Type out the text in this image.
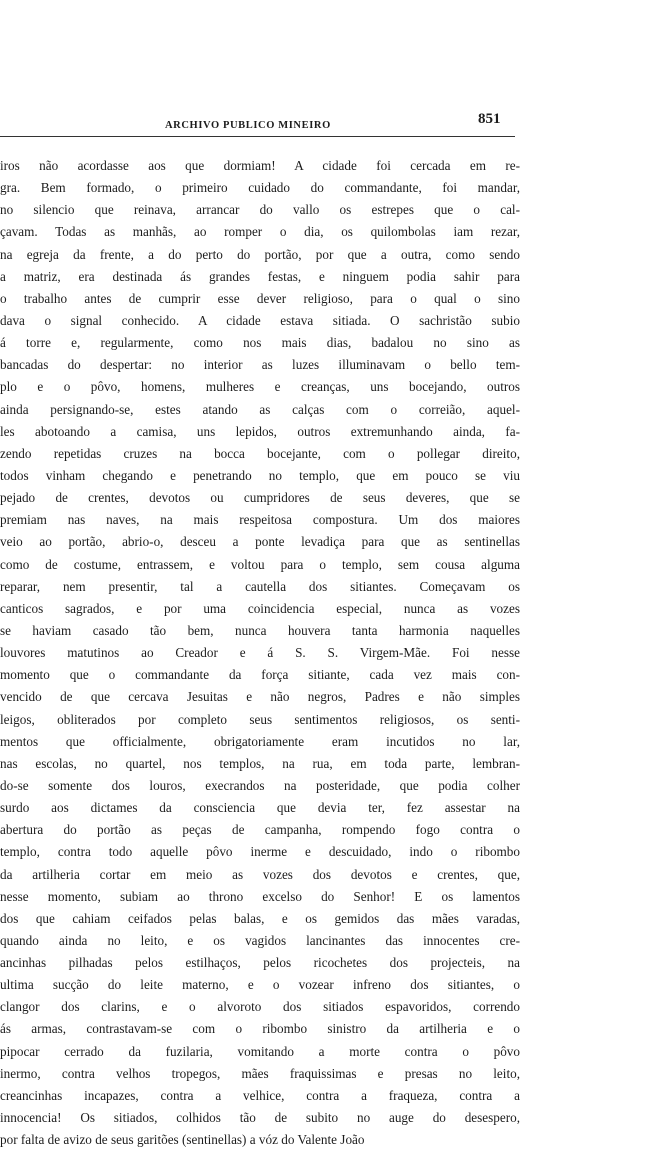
ARCHIVO PUBLICO MINEIRO	851
iros não acordasse aos que dormiam! A cidade foi cercada em re-
gra. Bem formado, o primeiro cuidado do commandante, foi mandar,
no silencio que reinava, arrancar do vallo os estrepes que o cal-
çavam. Todas as manhãs, ao romper o dia, os quilombolas iam rezar,
na egreja da frente, a do perto do portão, por que a outra, como sendo
a matriz, era destinada ás grandes festas, e ninguem podia sahir para
o trabalho antes de cumprir esse dever religioso, para o qual o sino
dava o signal conhecido. A cidade estava sitiada. O sachristão subio
á torre e, regularmente, como nos mais dias, badalou no sino as
bancadas do despertar: no interior as luzes illuminavam o bello tem-
plo e o pôvo, homens, mulheres e creanças, uns bocejando, outros
ainda persignando-se, estes atando as calças com o correião, aquel-
les abotoando a camisa, uns lepidos, outros extremunhando ainda, fa-
zendo repetidas cruzes na bocca bocejante, com o pollegar direito,
todos vinham chegando e penetrando no templo, que em pouco se viu
pejado de crentes, devotos ou cumpridores de seus deveres, que se
premiam nas naves, na mais respeitosa compostura. Um dos maiores
veio ao portão, abrio-o, desceu a ponte levadiça para que as sentinellas
como de costume, entrassem, e voltou para o templo, sem cousa alguma
reparar, nem presentir, tal a cautella dos sitiantes. Começavam os
canticos sagrados, e por uma coincidencia especial, nunca as vozes
se haviam casado tão bem, nunca houvera tanta harmonia naquelles
louvores matutinos ao Creador e á S. S. Virgem-Mãe. Foi nesse
momento que o commandante da força sitiante, cada vez mais con-
vencido de que cercava Jesuitas e não negros, Padres e não simples
leigos, obliterados por completo seus sentimentos religiosos, os senti-
mentos que officialmente, obrigatoriamente eram incutidos no lar,
nas escolas, no quartel, nos templos, na rua, em toda parte, lembran-
do-se somente dos louros, execrandos na posteridade, que podia colher
surdo aos dictames da consciencia que devia ter, fez assestar na
abertura do portão as peças de campanha, rompendo fogo contra o
templo, contra todo aquelle pôvo inerme e descuidado, indo o ribombo
da artilheria cortar em meio as vozes dos devotos e crentes, que,
nesse momento, subiam ao throno excelso do Senhor! E os lamentos
dos que cahiam ceifados pelas balas, e os gemidos das mães varadas,
quando ainda no leito, e os vagidos lancinantes das innocentes cre-
ancinhas pilhadas pelos estilhaços, pelos ricochetes dos projecteis, na
ultima sucção do leite materno, e o vozear infreno dos sitiantes, o
clangor dos clarins, e o alvoroto dos sitiados espavoridos, correndo
ás armas, contrastavam-se com o ribombo sinistro da artilheria e o
pipocar cerrado da fuzilaria, vomitando a morte contra o pôvo
inermo, contra velhos tropegos, mães fraquissimas e presas no leito,
creancinhas incapazes, contra a velhice, contra a fraqueza, contra a
innocencia! Os sitiados, colhidos tão de subito no auge do desespero,
por falta de avizo de seus garitões (sentinellas) a vóz do Valente João
